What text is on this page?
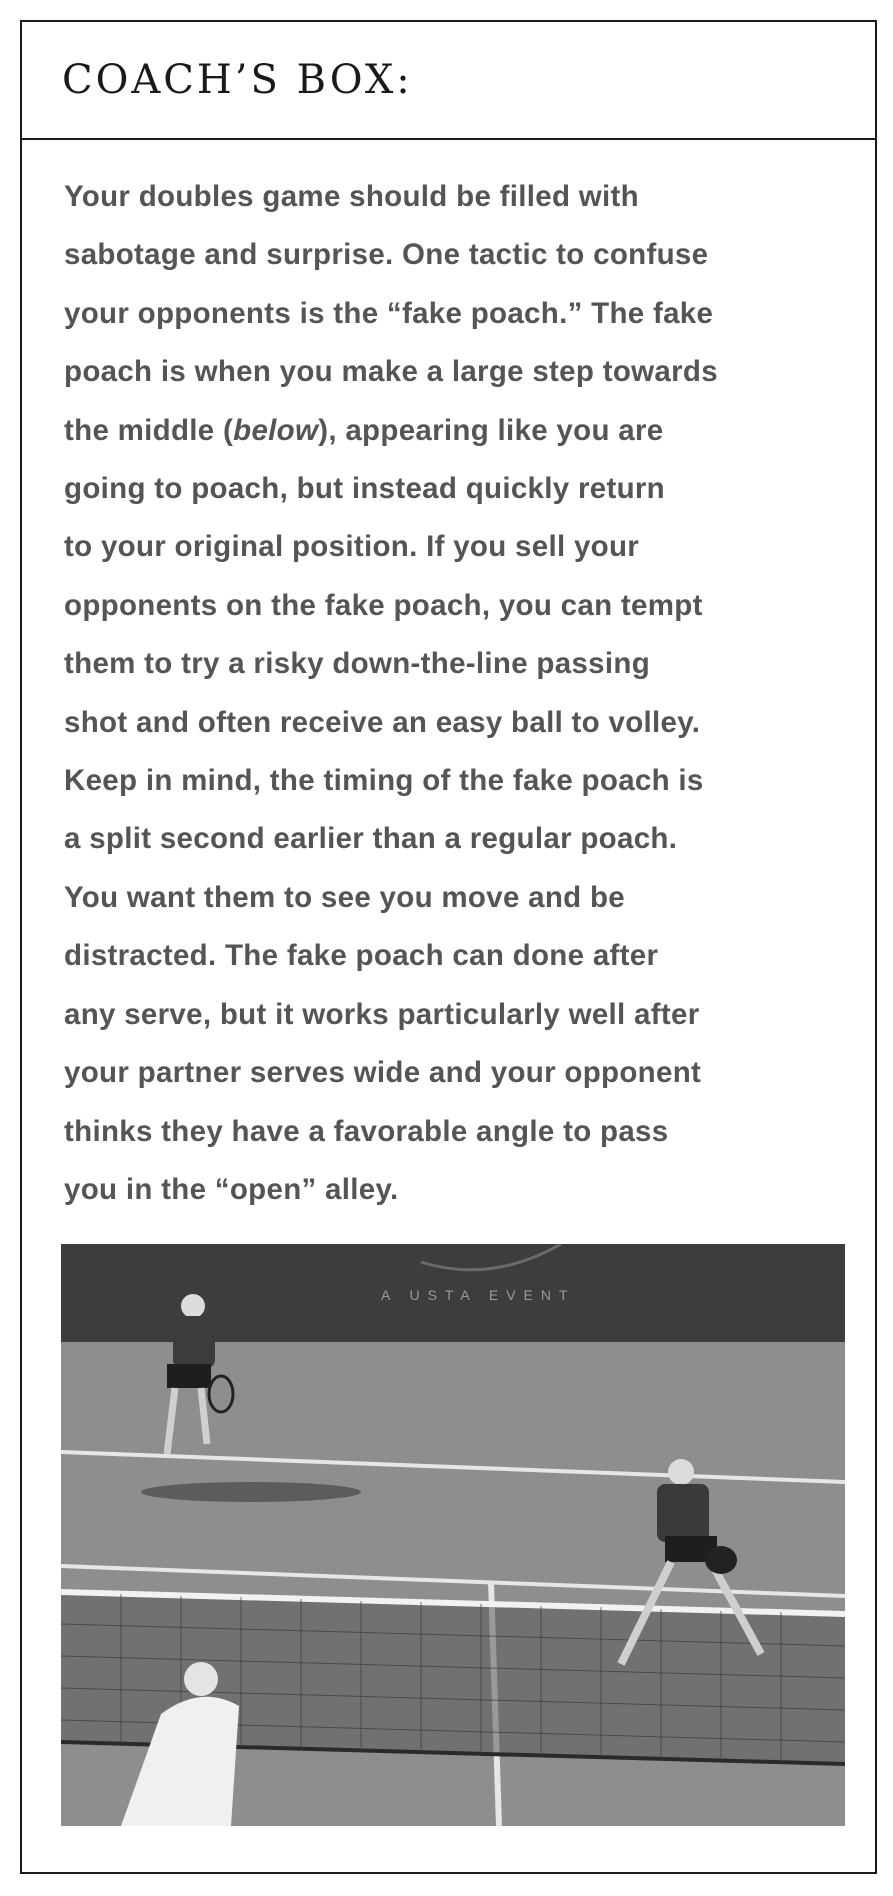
COACH’S BOX:

Your doubles game should be filled with
sabotage and surprise. One tactic to confuse
your opponents is the “fake poach.” The fake
poach is when you make a large step towards
the middle (below), appearing like you are
going to poach, but instead quickly return
to your original position. If you sell your
opponents on the fake poach, you can tempt
them to try a risky down-the-line passing
shot and often receive an easy ball to volley.
Keep in mind, the timing of the fake poach is
a split second earlier than a regular poach.
You want them to see you move and be
distracted. The fake poach can done after
any serve, but it works particularly well after
your partner serves wide and your opponent
thinks they have a favorable angle to pass
you in the “open” alley.

A USTA EVENT
